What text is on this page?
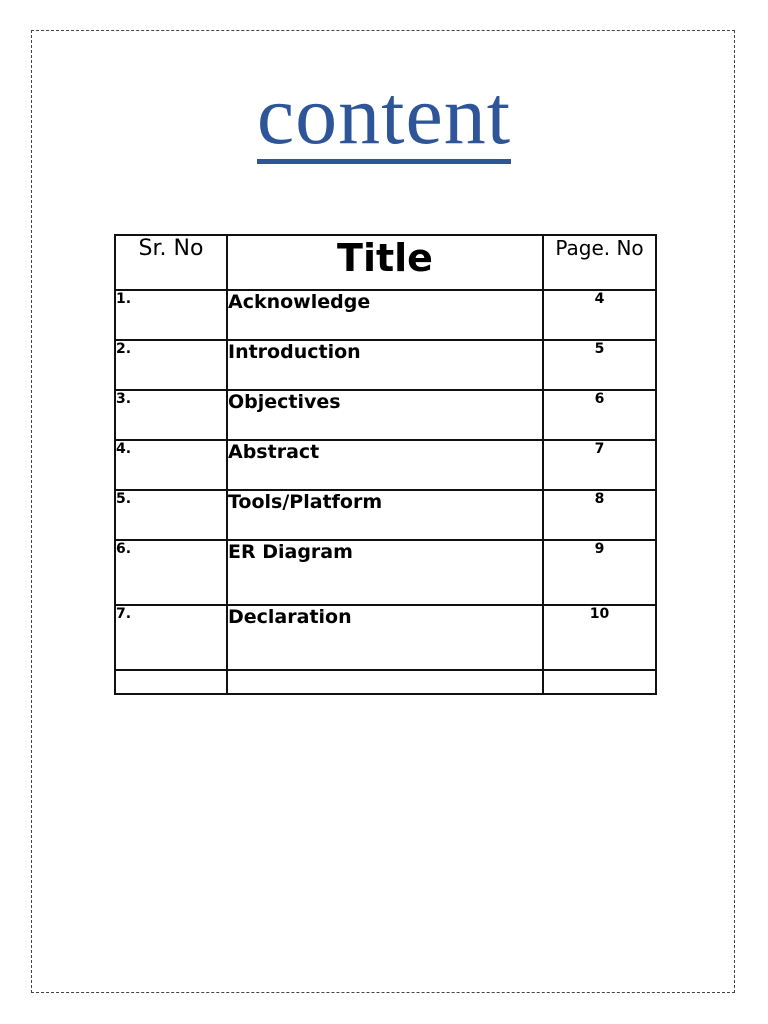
content
Sr. No	Title	Page. No
1.	Acknowledge	4
2.	Introduction	5
3.	Objectives	6
4.	Abstract	7
5.	Tools/Platform	8
6.	ER Diagram	9
7.	Declaration	10
